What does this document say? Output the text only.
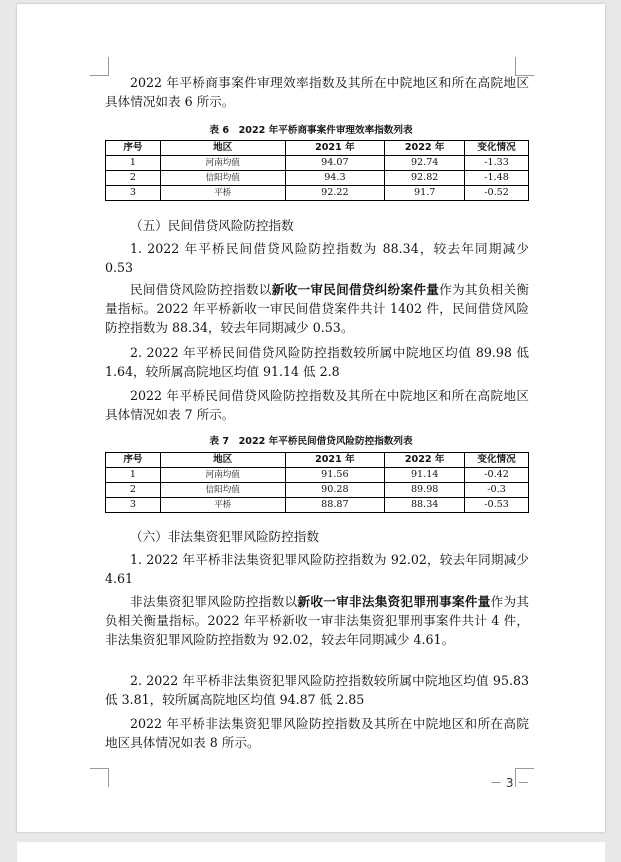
2022 年平桥商事案件审理效率指数及其所在中院地区和所在高院地区具体情况如表 6 所示。
表 6　2022 年平桥商事案件审理效率指数列表
序号	地区	2021 年	2022 年	变化情况
1	河南均值	94.07	92.74	-1.33
2	信阳均值	94.3	92.82	-1.48
3	平桥	92.22	91.7	-0.52
（五）民间借贷风险防控指数
1. 2022 年平桥民间借贷风险防控指数为 88.34，较去年同期减少 0.53
民间借贷风险防控指数以新收一审民间借贷纠纷案件量作为其负相关衡量指标。2022 年平桥新收一审民间借贷案件共计 1402 件，民间借贷风险防控指数为 88.34，较去年同期减少 0.53。
2. 2022 年平桥民间借贷风险防控指数较所属中院地区均值 89.98 低 1.64，较所属高院地区均值 91.14 低 2.8
2022 年平桥民间借贷风险防控指数及其所在中院地区和所在高院地区具体情况如表 7 所示。
表 7　2022 年平桥民间借贷风险防控指数列表
序号	地区	2021 年	2022 年	变化情况
1	河南均值	91.56	91.14	-0.42
2	信阳均值	90.28	89.98	-0.3
3	平桥	88.87	88.34	-0.53
（六）非法集资犯罪风险防控指数
1. 2022 年平桥非法集资犯罪风险防控指数为 92.02，较去年同期减少 4.61
非法集资犯罪风险防控指数以新收一审非法集资犯罪刑事案件量作为其负相关衡量指标。2022 年平桥新收一审非法集资犯罪刑事案件共计 4 件，非法集资犯罪风险防控指数为 92.02，较去年同期减少 4.61。
2. 2022 年平桥非法集资犯罪风险防控指数较所属中院地区均值 95.83 低 3.81，较所属高院地区均值 94.87 低 2.85
2022 年平桥非法集资犯罪风险防控指数及其所在中院地区和所在高院地区具体情况如表 8 所示。
－ 3 －
